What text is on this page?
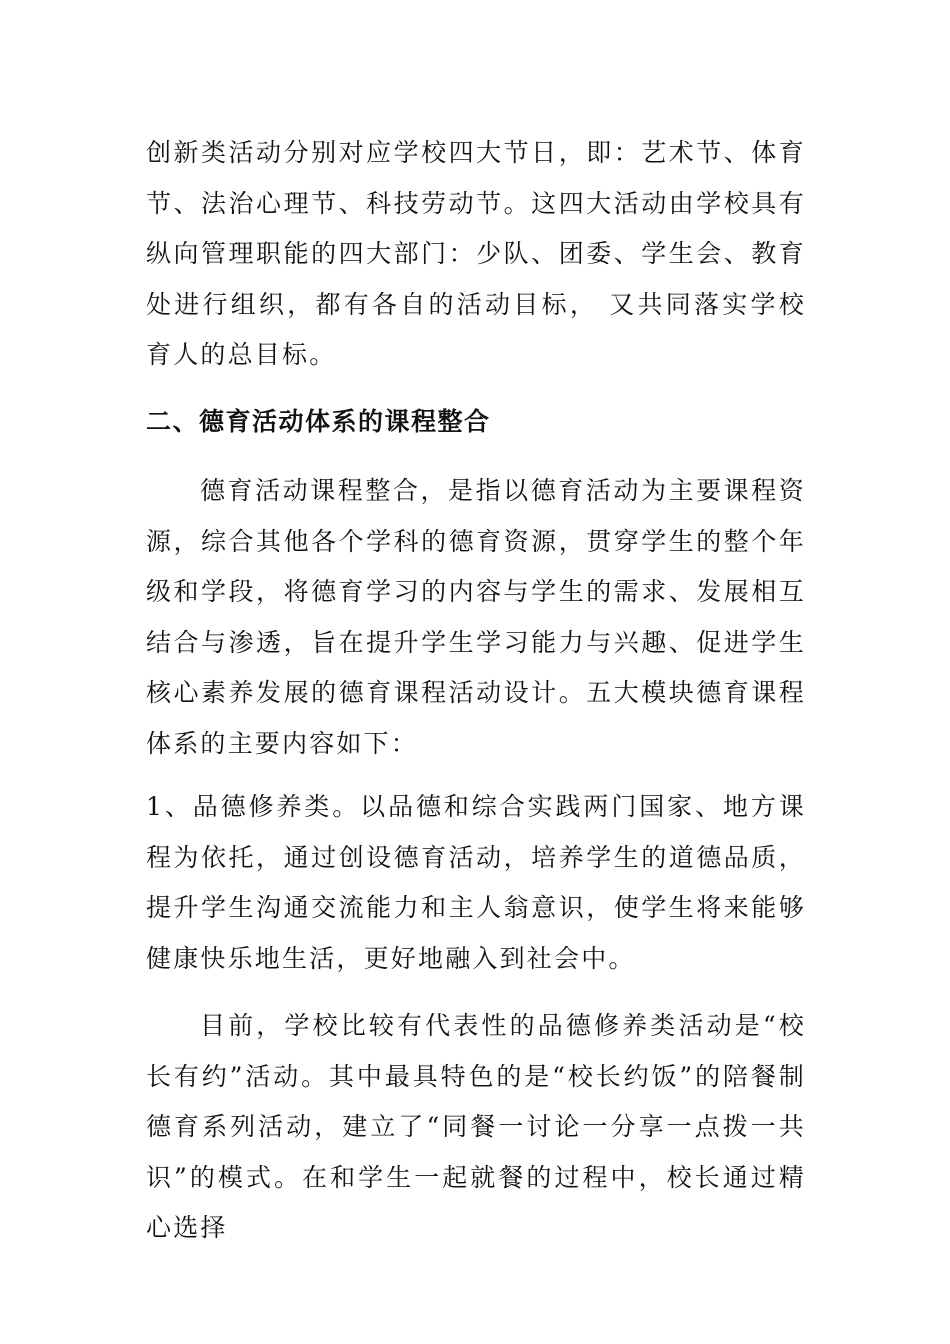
创新类活动分别对应学校四大节日，即：艺术节、体育节、法治心理节、科技劳动节。这四大活动由学校具有纵向管理职能的四大部门：少队、团委、学生会、教育处进行组织，都有各自的活动目标， 又共同落实学校育人的总目标。

二、德育活动体系的课程整合

德育活动课程整合，是指以德育活动为主要课程资源，综合其他各个学科的德育资源，贯穿学生的整个年级和学段，将德育学习的内容与学生的需求、发展相互结合与渗透，旨在提升学生学习能力与兴趣、促进学生核心素养发展的德育课程活动设计。五大模块德育课程体系的主要内容如下：

1、品德修养类。以品德和综合实践两门国家、地方课程为依托，通过创设德育活动，培养学生的道德品质，提升学生沟通交流能力和主人翁意识，使学生将来能够健康快乐地生活，更好地融入到社会中。

目前，学校比较有代表性的品德修养类活动是“校长有约”活动。其中最具特色的是“校长约饭”的陪餐制德育系列活动，建立了“同餐一讨论一分享一点拨一共识”的模式。在和学生一起就餐的过程中，校长通过精心选择
